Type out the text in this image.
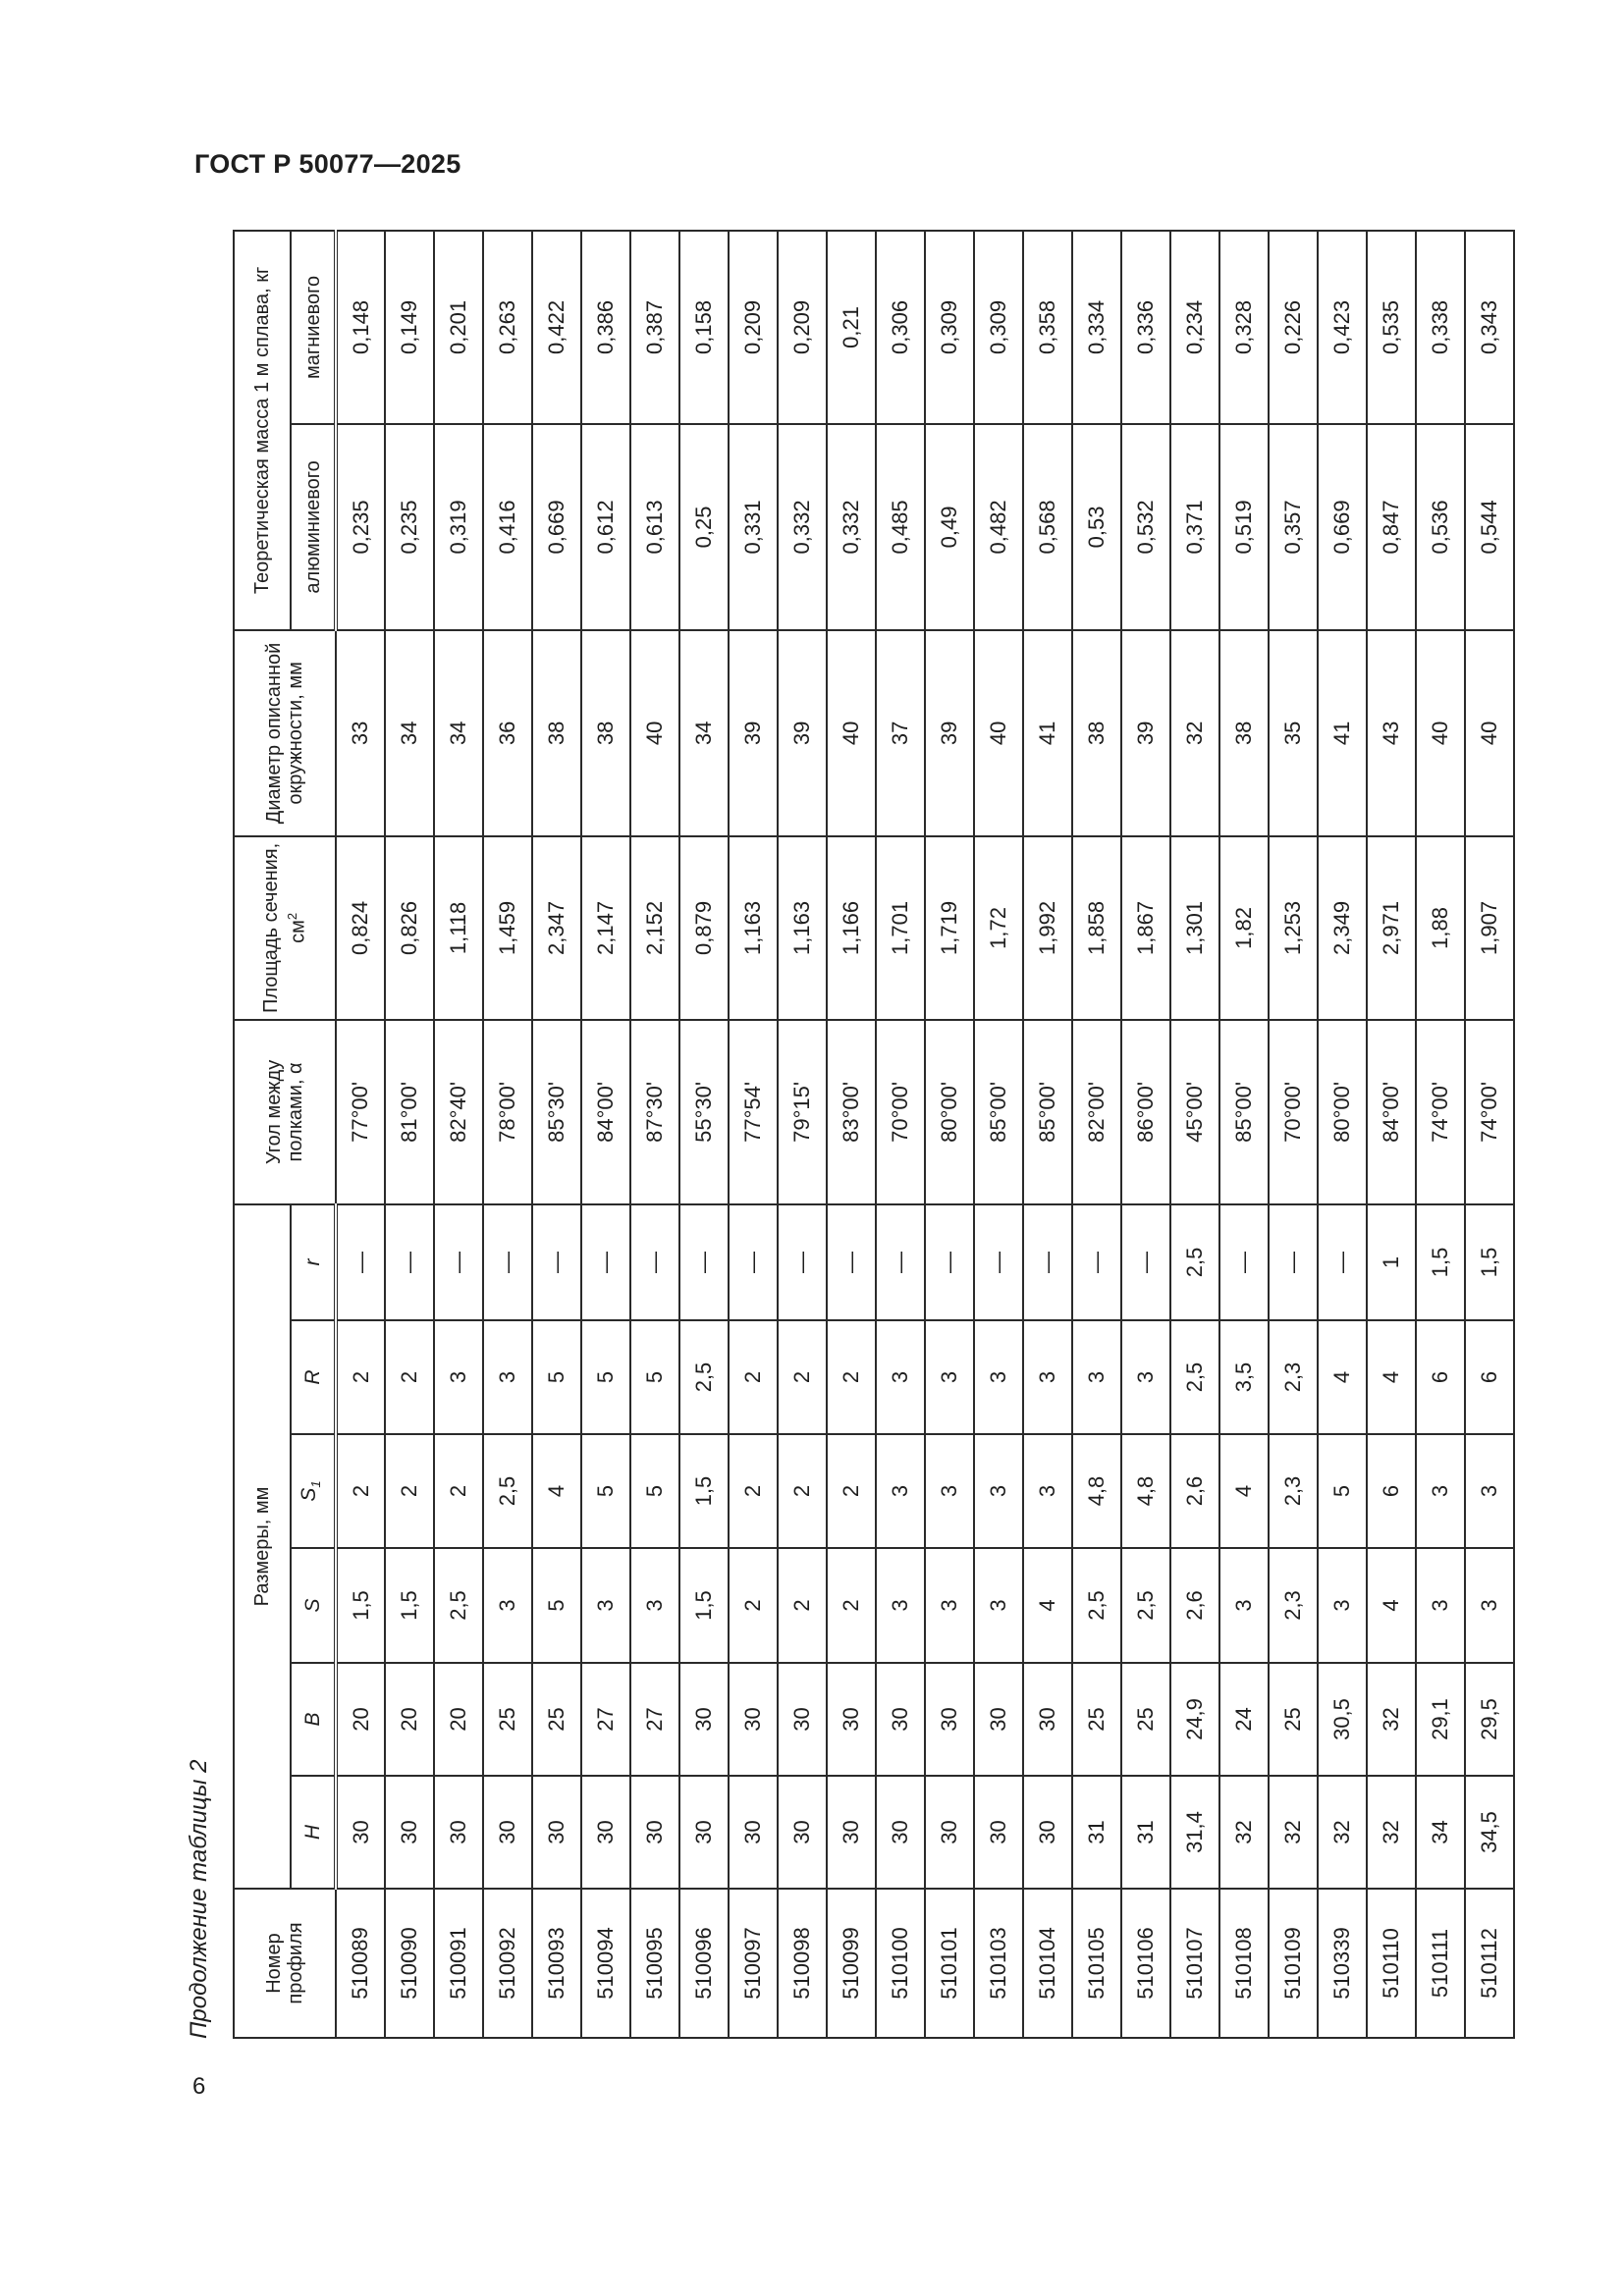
ГОСТ Р 50077—2025
Продолжение таблицы 2	Номер профиля	Размеры, мм						Угол между полками, α	Площадь сечения, $см^2$	Диаметр описанной окружности, мм	Теоретическая масса 1 м сплава, кг	
	H	B	S	$S_1$	R	r				алюминиевого	магниевого
510089	30	20	1,5	2	2	—	77°00'	0,824	33	0,235	0,148
510090	30	20	1,5	2	2	—	81°00'	0,826	34	0,235	0,149
510091	30	20	2,5	2	3	—	82°40'	1,118	34	0,319	0,201
510092	30	25	3	2,5	3	—	78°00'	1,459	36	0,416	0,263
510093	30	25	5	4	5	—	85°30'	2,347	38	0,669	0,422
510094	30	27	3	5	5	—	84°00'	2,147	38	0,612	0,386
510095	30	27	3	5	5	—	87°30'	2,152	40	0,613	0,387
510096	30	30	1,5	1,5	2,5	—	55°30'	0,879	34	0,25	0,158
510097	30	30	2	2	2	—	77°54'	1,163	39	0,331	0,209
510098	30	30	2	2	2	—	79°15'	1,163	39	0,332	0,209
510099	30	30	2	2	2	—	83°00'	1,166	40	0,332	0,21
510100	30	30	3	3	3	—	70°00'	1,701	37	0,485	0,306
510101	30	30	3	3	3	—	80°00'	1,719	39	0,49	0,309
510103	30	30	3	3	3	—	85°00'	1,72	40	0,482	0,309
510104	30	30	4	3	3	—	85°00'	1,992	41	0,568	0,358
510105	31	25	2,5	4,8	3	—	82°00'	1,858	38	0,53	0,334
510106	31	25	2,5	4,8	3	—	86°00'	1,867	39	0,532	0,336
510107	31,4	24,9	2,6	2,6	2,5	2,5	45°00'	1,301	32	0,371	0,234
510108	32	24	3	4	3,5	—	85°00'	1,82	38	0,519	0,328
510109	32	25	2,3	2,3	2,3	—	70°00'	1,253	35	0,357	0,226
510339	32	30,5	3	5	4	—	80°00'	2,349	41	0,669	0,423
510110	32	32	4	6	4	1	84°00'	2,971	43	0,847	0,535
510111	34	29,1	3	3	6	1,5	74°00'	1,88	40	0,536	0,338
510112	34,5	29,5	3	3	6	1,5	74°00'	1,907	40	0,544	0,343
6
